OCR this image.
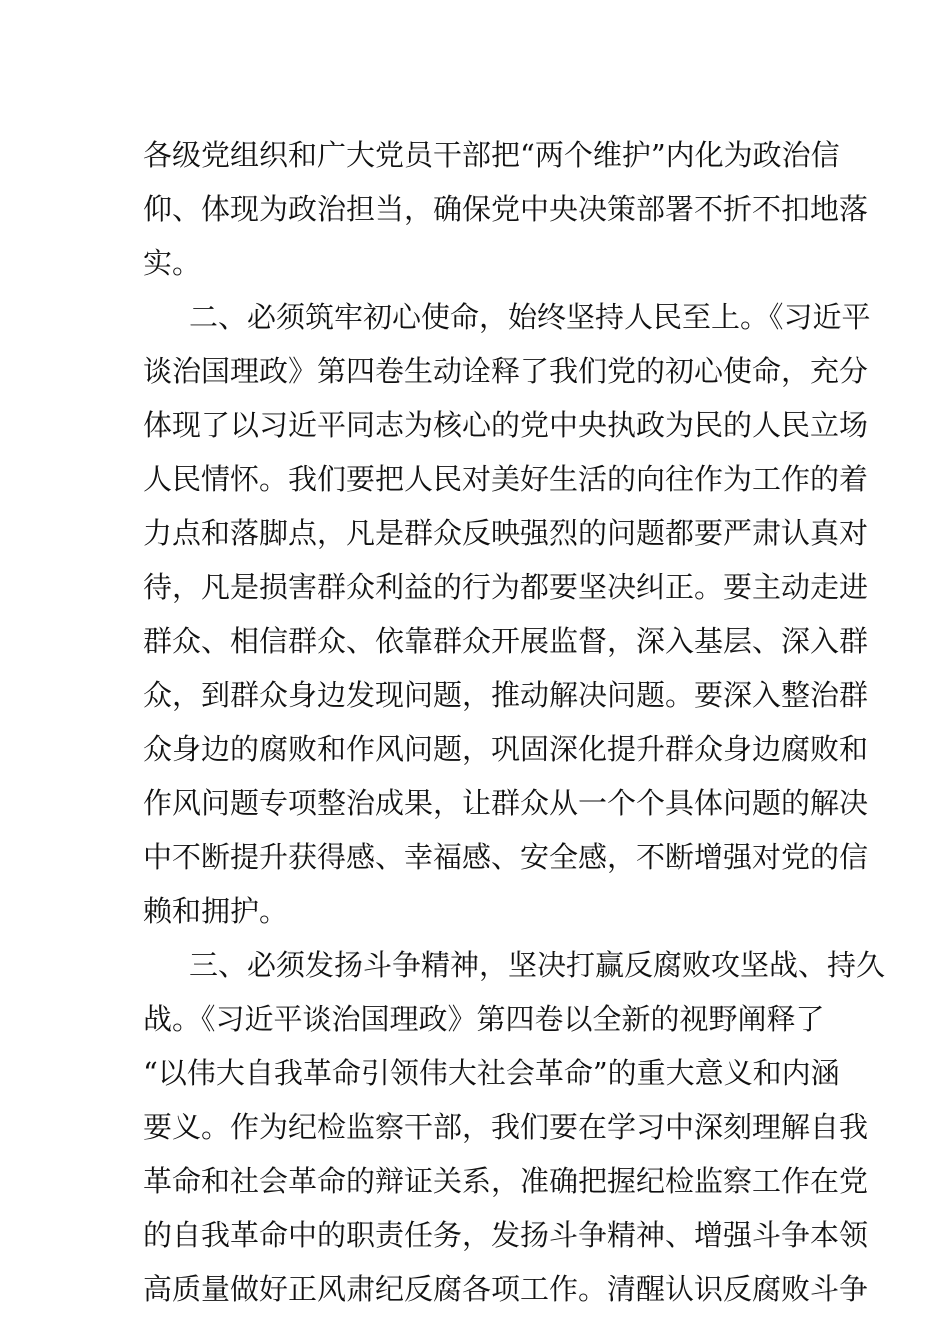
各级党组织和广大党员干部把“两个维护”内化为政治信
仰、体现为政治担当，确保党中央决策部署不折不扣地落
实。
二、必须筑牢初心使命，始终坚持人民至上。《习近平
谈治国理政》第四卷生动诠释了我们党的初心使命，充分
体现了以习近平同志为核心的党中央执政为民的人民立场
人民情怀。我们要把人民对美好生活的向往作为工作的着
力点和落脚点，凡是群众反映强烈的问题都要严肃认真对
待，凡是损害群众利益的行为都要坚决纠正。要主动走进
群众、相信群众、依靠群众开展监督，深入基层、深入群
众，到群众身边发现问题，推动解决问题。要深入整治群
众身边的腐败和作风问题，巩固深化提升群众身边腐败和
作风问题专项整治成果，让群众从一个个具体问题的解决
中不断提升获得感、幸福感、安全感，不断增强对党的信
赖和拥护。
三、必须发扬斗争精神，坚决打赢反腐败攻坚战、持久
战。《习近平谈治国理政》第四卷以全新的视野阐释了
“以伟大自我革命引领伟大社会革命”的重大意义和内涵
要义。作为纪检监察干部，我们要在学习中深刻理解自我
革命和社会革命的辩证关系，准确把握纪检监察工作在党
的自我革命中的职责任务，发扬斗争精神、增强斗争本领
高质量做好正风肃纪反腐各项工作。清醒认识反腐败斗争
